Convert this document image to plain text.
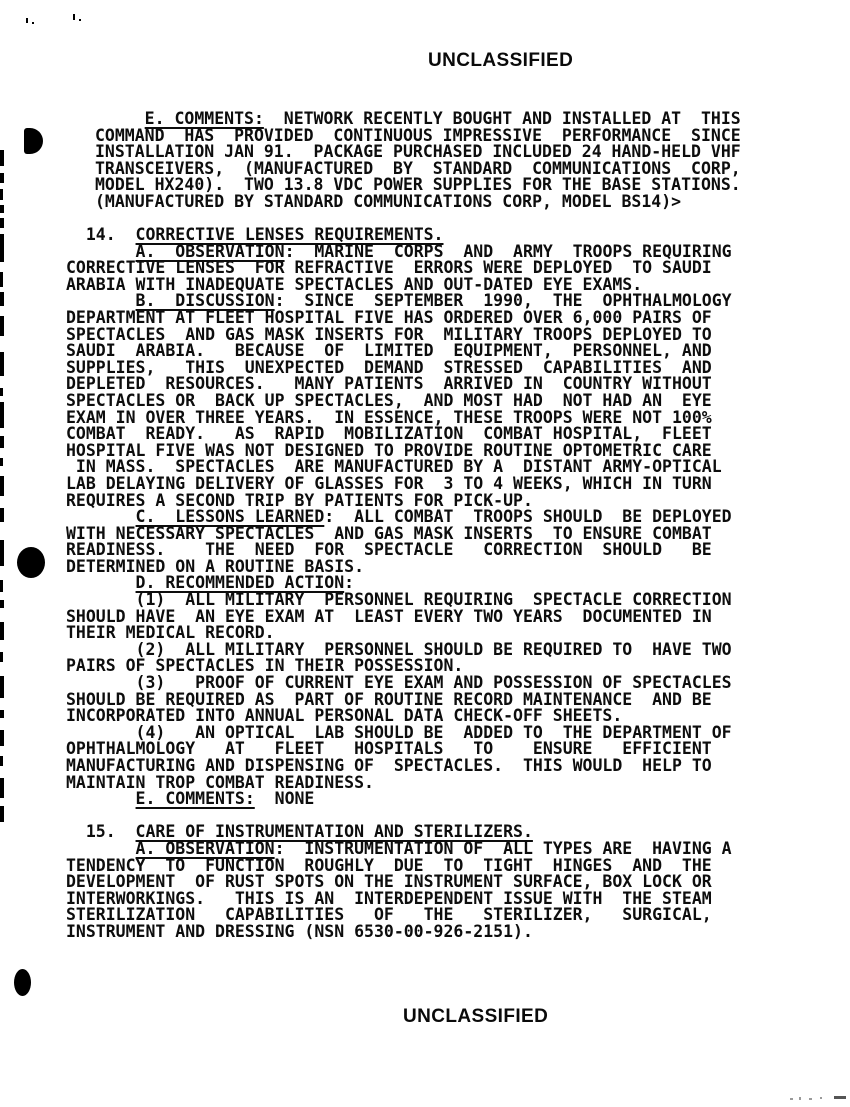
UNCLASSIFIED
E. COMMENTS:  NETWORK RECENTLY BOUGHT AND INSTALLED AT  THIS
COMMAND  HAS  PROVIDED  CONTINUOUS IMPRESSIVE  PERFORMANCE  SINCE
INSTALLATION JAN 91.  PACKAGE PURCHASED INCLUDED 24 HAND-HELD VHF
TRANSCEIVERS,  (MANUFACTURED  BY  STANDARD  COMMUNICATIONS  CORP,
MODEL HX240).  TWO 13.8 VDC POWER SUPPLIES FOR THE BASE STATIONS.
(MANUFACTURED BY STANDARD COMMUNICATIONS CORP, MODEL BS14)>
14.  CORRECTIVE LENSES REQUIREMENTS.
A.  OBSERVATION:  MARINE  CORPS  AND  ARMY  TROOPS REQUIRING
CORRECTIVE LENSES  FOR REFRACTIVE  ERRORS WERE DEPLOYED  TO SAUDI
ARABIA WITH INADEQUATE SPECTACLES AND OUT-DATED EYE EXAMS.
B.  DISCUSSION:  SINCE  SEPTEMBER  1990,  THE  OPHTHALMOLOGY
DEPARTMENT AT FLEET HOSPITAL FIVE HAS ORDERED OVER 6,000 PAIRS OF
SPECTACLES  AND GAS MASK INSERTS FOR  MILITARY TROOPS DEPLOYED TO
SAUDI  ARABIA.   BECAUSE  OF  LIMITED  EQUIPMENT,  PERSONNEL, AND
SUPPLIES,   THIS  UNEXPECTED  DEMAND  STRESSED  CAPABILITIES  AND
DEPLETED  RESOURCES.   MANY PATIENTS  ARRIVED IN  COUNTRY WITHOUT
SPECTACLES OR  BACK UP SPECTACLES,  AND MOST HAD  NOT HAD AN  EYE
EXAM IN OVER THREE YEARS.  IN ESSENCE, THESE TROOPS WERE NOT 100%
COMBAT  READY.   AS  RAPID  MOBILIZATION  COMBAT HOSPITAL,  FLEET
HOSPITAL FIVE WAS NOT DESIGNED TO PROVIDE ROUTINE OPTOMETRIC CARE
IN MASS.  SPECTACLES  ARE MANUFACTURED BY A  DISTANT ARMY-OPTICAL
LAB DELAYING DELIVERY OF GLASSES FOR  3 TO 4 WEEKS, WHICH IN TURN
REQUIRES A SECOND TRIP BY PATIENTS FOR PICK-UP.
C.  LESSONS LEARNED:  ALL COMBAT  TROOPS SHOULD  BE DEPLOYED
WITH NECESSARY SPECTACLES  AND GAS MASK INSERTS  TO ENSURE COMBAT
READINESS.    THE  NEED  FOR  SPECTACLE   CORRECTION  SHOULD   BE
DETERMINED ON A ROUTINE BASIS.
D. RECOMMENDED ACTION:
(1)  ALL MILITARY  PERSONNEL REQUIRING  SPECTACLE CORRECTION
SHOULD HAVE  AN EYE EXAM AT  LEAST EVERY TWO YEARS  DOCUMENTED IN
THEIR MEDICAL RECORD.
(2)  ALL MILITARY  PERSONNEL SHOULD BE REQUIRED TO  HAVE TWO
PAIRS OF SPECTACLES IN THEIR POSSESSION.
(3)   PROOF OF CURRENT EYE EXAM AND POSSESSION OF SPECTACLES
SHOULD BE REQUIRED AS  PART OF ROUTINE RECORD MAINTENANCE  AND BE
INCORPORATED INTO ANNUAL PERSONAL DATA CHECK-OFF SHEETS.
(4)   AN OPTICAL  LAB SHOULD BE  ADDED TO  THE DEPARTMENT OF
OPHTHALMOLOGY   AT   FLEET   HOSPITALS   TO    ENSURE   EFFICIENT
MANUFACTURING AND DISPENSING OF  SPECTACLES.  THIS WOULD  HELP TO
MAINTAIN TROP COMBAT READINESS.
E. COMMENTS:  NONE

15.  CARE OF INSTRUMENTATION AND STERILIZERS.
A. OBSERVATION:  INSTRUMENTATION OF  ALL TYPES ARE  HAVING A
TENDENCY  TO  FUNCTION  ROUGHLY  DUE  TO  TIGHT  HINGES  AND  THE
DEVELOPMENT  OF RUST SPOTS ON THE INSTRUMENT SURFACE, BOX LOCK OR
INTERWORKINGS.   THIS IS AN  INTERDEPENDENT ISSUE WITH  THE STEAM
STERILIZATION   CAPABILITIES   OF   THE   STERILIZER,   SURGICAL,
INSTRUMENT AND DRESSING (NSN 6530-00-926-2151).
UNCLASSIFIED
